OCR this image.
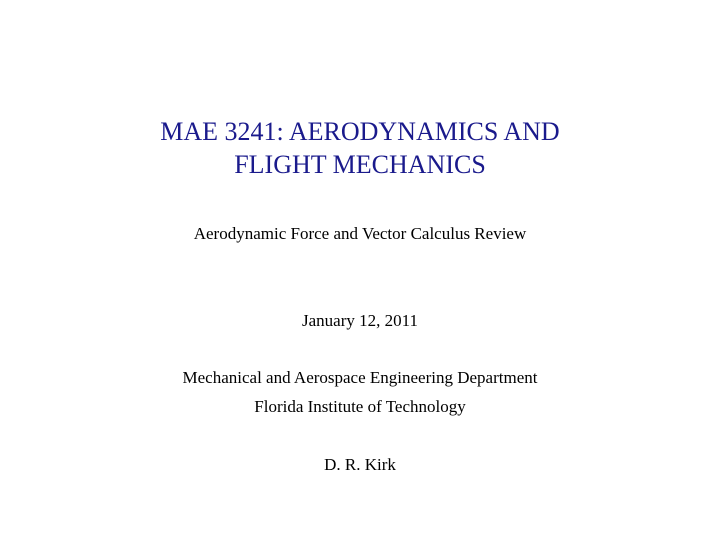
MAE 3241: AERODYNAMICS AND
FLIGHT MECHANICS

Aerodynamic Force and Vector Calculus Review

January 12, 2011

Mechanical and Aerospace Engineering Department

Florida Institute of Technology

D. R. Kirk
